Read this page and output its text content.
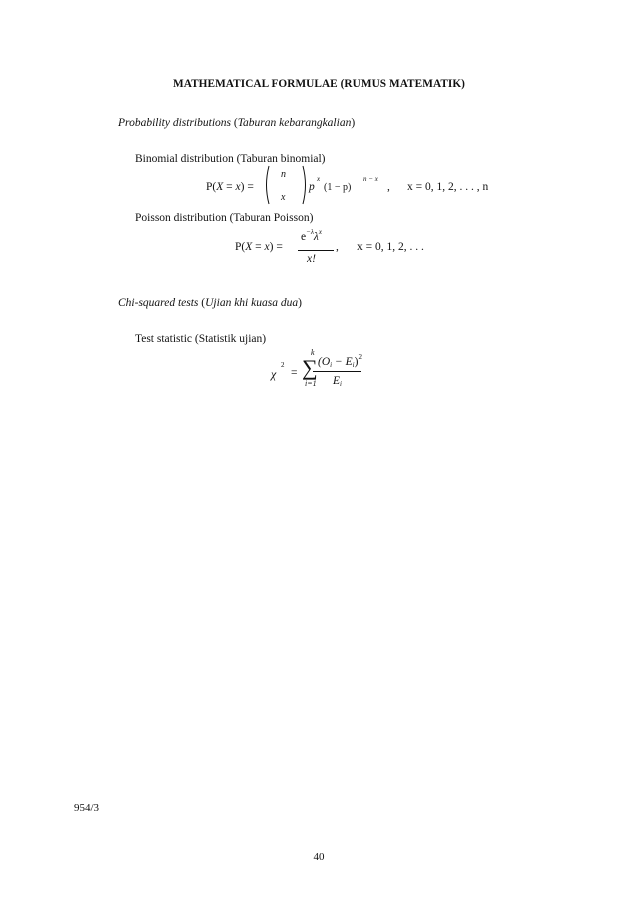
MATHEMATICAL FORMULAE (RUMUS MATEMATIK)
Probability distributions (Taburan kebarangkalian)
Binomial distribution (Taburan binomial)
P(X = x) =
n
x
p
x
(1 − p)
n − x
, x = 0, 1, 2, . . . , n
Poisson distribution (Taburan Poisson)
P(X = x) =
$e^{-\lambda}\lambda^x$
x!
, x = 0, 1, 2, . . .
Chi-squared tests (Ujian khi kuasa dua)
Test statistic (Statistik ujian)
χ
2
=
k
∑
i=1
$(Oi - Ei)^2$
Ei
954/3
40
